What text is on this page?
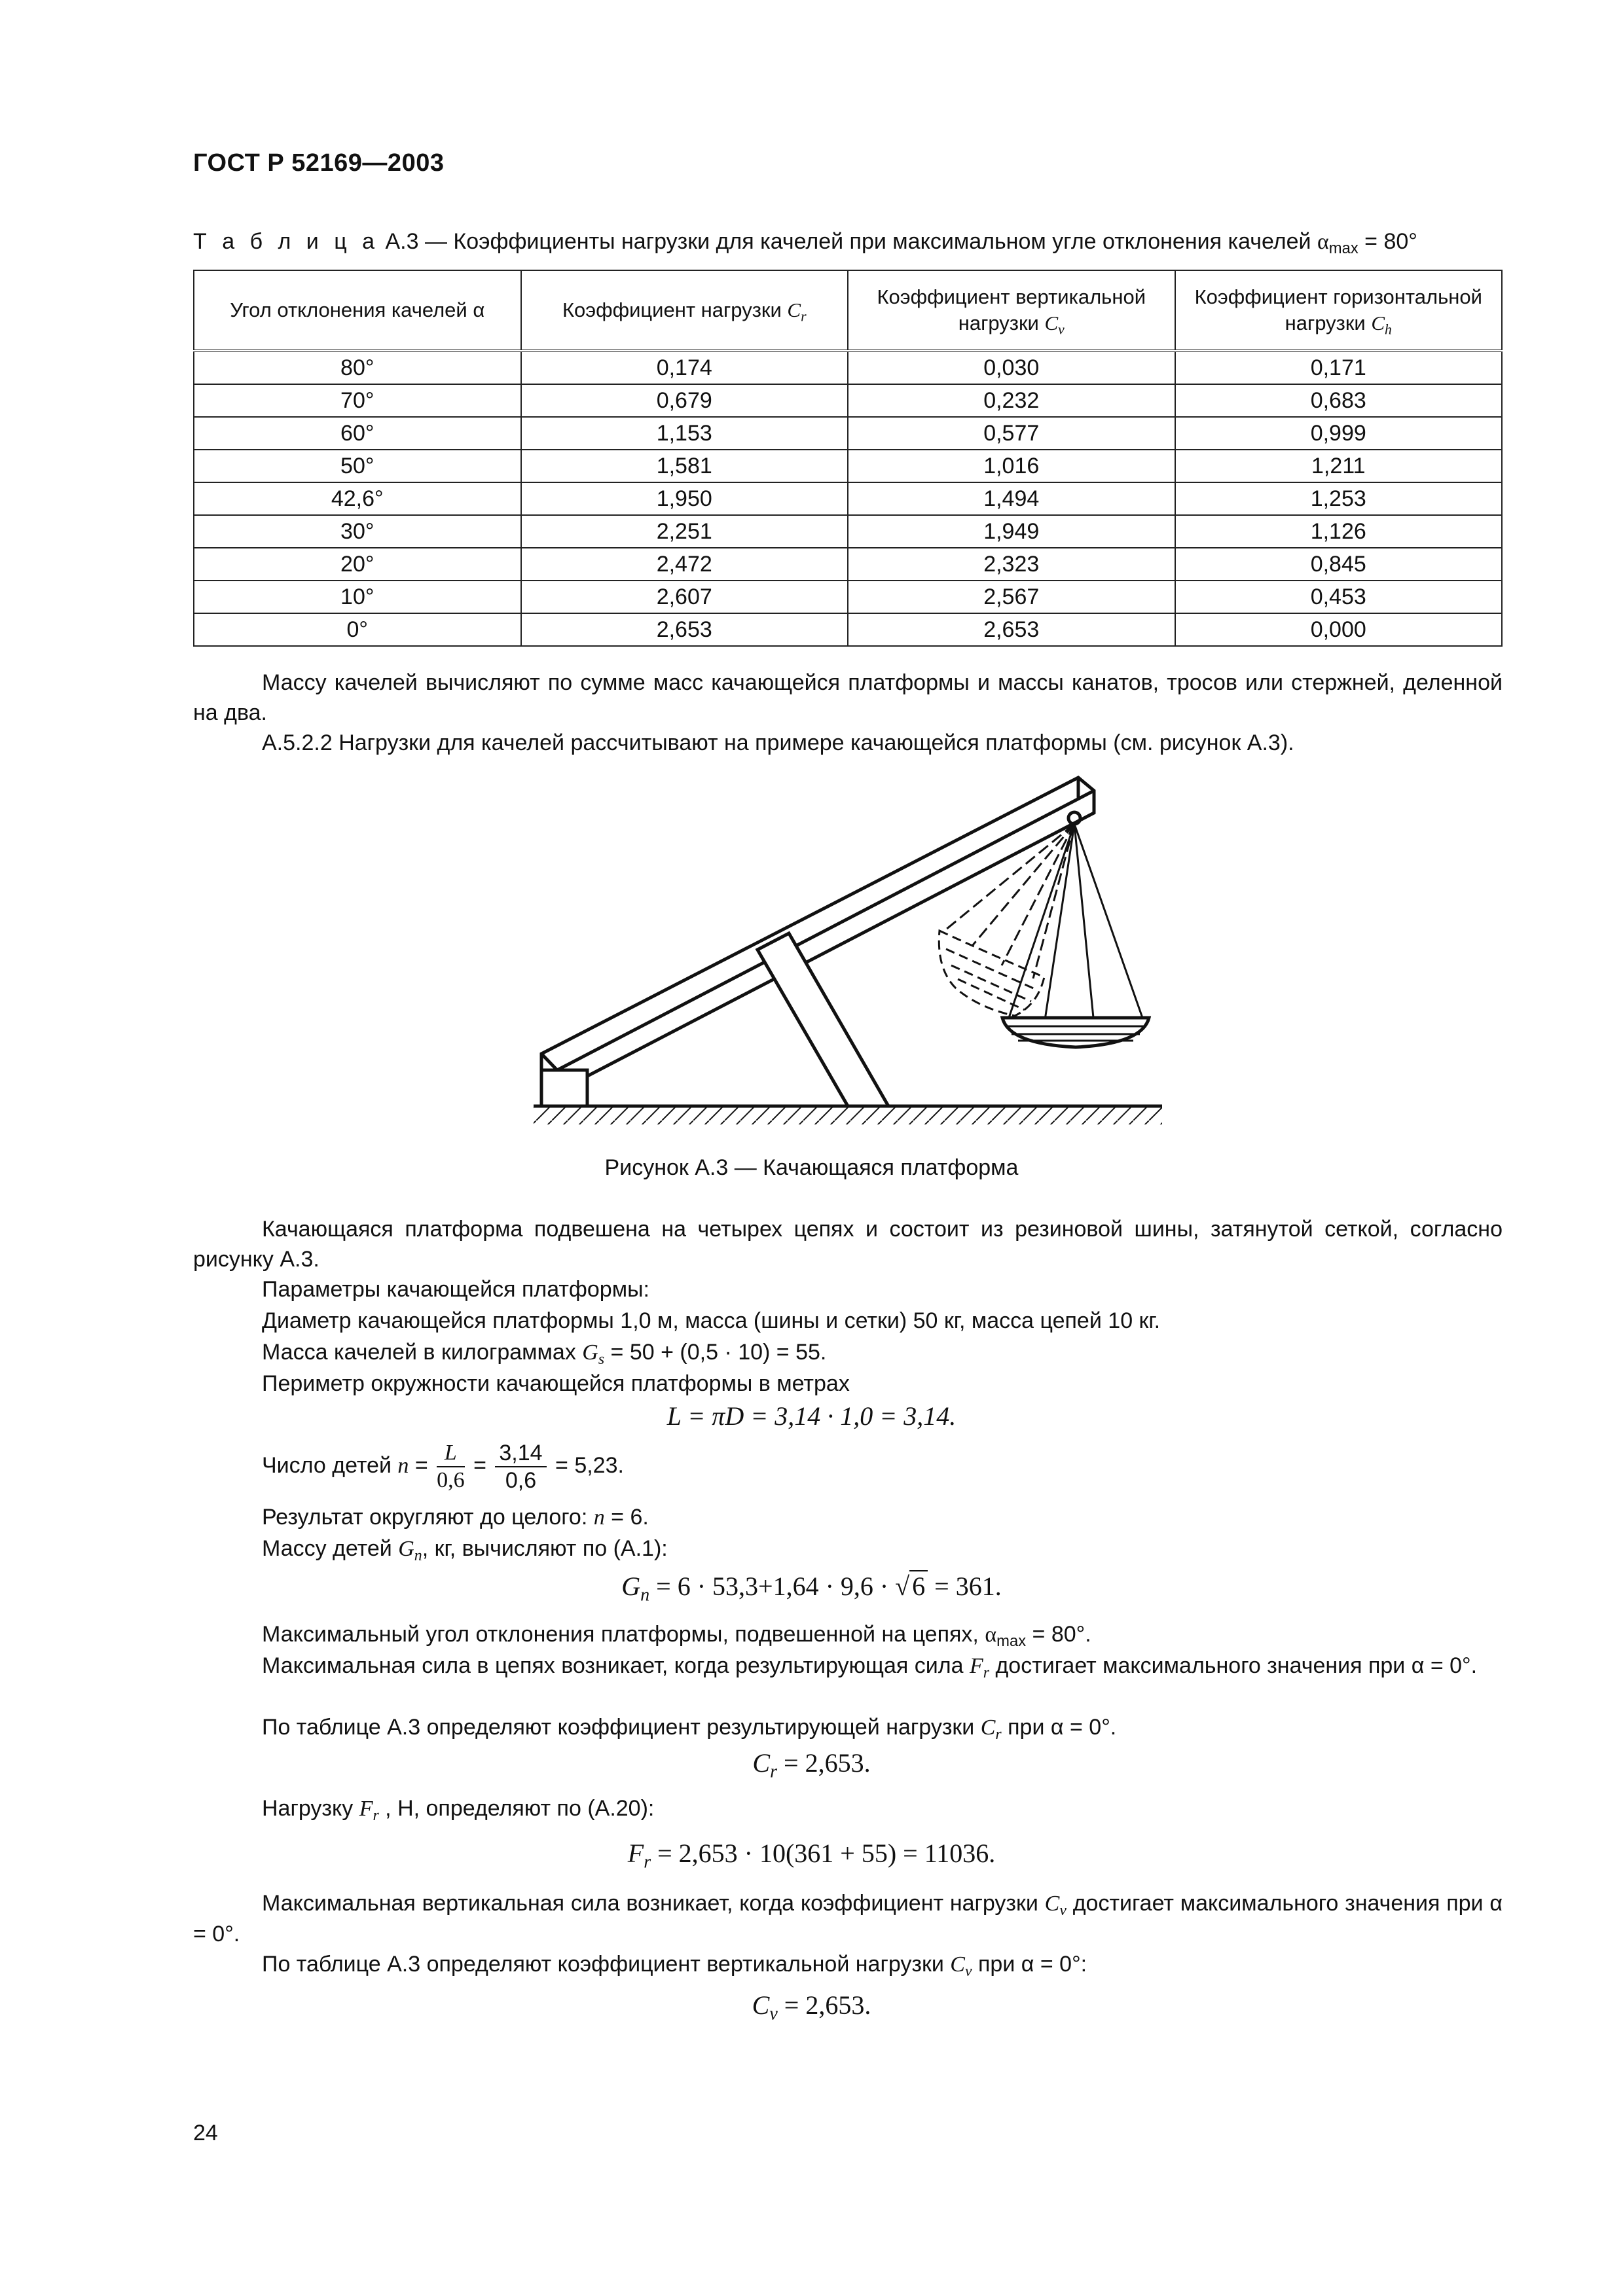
ГОСТ Р 52169—2003
Т а б л и ц а А.3 — Коэффициенты нагрузки для качелей при максимальном угле отклонения качелей $\alpha_{max} = 80^\circ$
Угол отклонения качелей α	Коэффициент нагрузки $C_r$	Коэффициент вертикальной нагрузки $C_v$	Коэффициент горизонтальной нагрузки $C_h$
80°	0,174	0,030	0,171
70°	0,679	0,232	0,683
60°	1,153	0,577	0,999
50°	1,581	1,016	1,211
42,6°	1,950	1,494	1,253
30°	2,251	1,949	1,126
20°	2,472	2,323	0,845
10°	2,607	2,567	0,453
0°	2,653	2,653	0,000
Массу качелей вычисляют по сумме масс качающейся платформы и массы канатов, тросов или стержней, деленной на два.
А.5.2.2 Нагрузки для качелей рассчитывают на примере качающейся платформы (см. рисунок А.3).
Рисунок А.3 — Качающаяся платформа
Качающаяся платформа подвешена на четырех цепях и состоит из резиновой шины, затянутой сеткой, согласно рисунку А.3.
Параметры качающейся платформы:
Диаметр качающейся платформы 1,0 м, масса (шины и сетки) 50 кг, масса цепей 10 кг.
Масса качелей в килограммах $G_s = 50 + (0,5 \cdot 10) = 55$.
Периметр окружности качающейся платформы в метрах
L = πD = 3,14 · 1,0 = 3,14.
Число детей $n = \frac{L}{0,6} = \frac{3,14}{0,6} = 5,23$.
Результат округляют до целого: n = 6.
Массу детей $G_n$, кг, вычисляют по (А.1):
$G_n = 6 \cdot 53,3+1,64 \cdot 9,6$ · √ 6 = 361.
Максимальный угол отклонения платформы, подвешенной на цепях, $\alpha_{max} = 80^\circ$.
Максимальная сила в цепях возникает, когда результирующая сила $F_r$ достигает максимального значения при α = 0°.
По таблице А.3 определяют коэффициент результирующей нагрузки $C_r$ при α = 0°.
$C_r = 2,653$.
Нагрузку $F_r$ , Н, определяют по (А.20):
$F_r = 2,653 \cdot 10(361 + 55) = 11036$.
Максимальная вертикальная сила возникает, когда коэффициент нагрузки $C_v$ достигает максимального значения при α = 0°.
По таблице А.3 определяют коэффициент вертикальной нагрузки $C_v$ при α = 0°:
$C_v = 2,653$.
24
